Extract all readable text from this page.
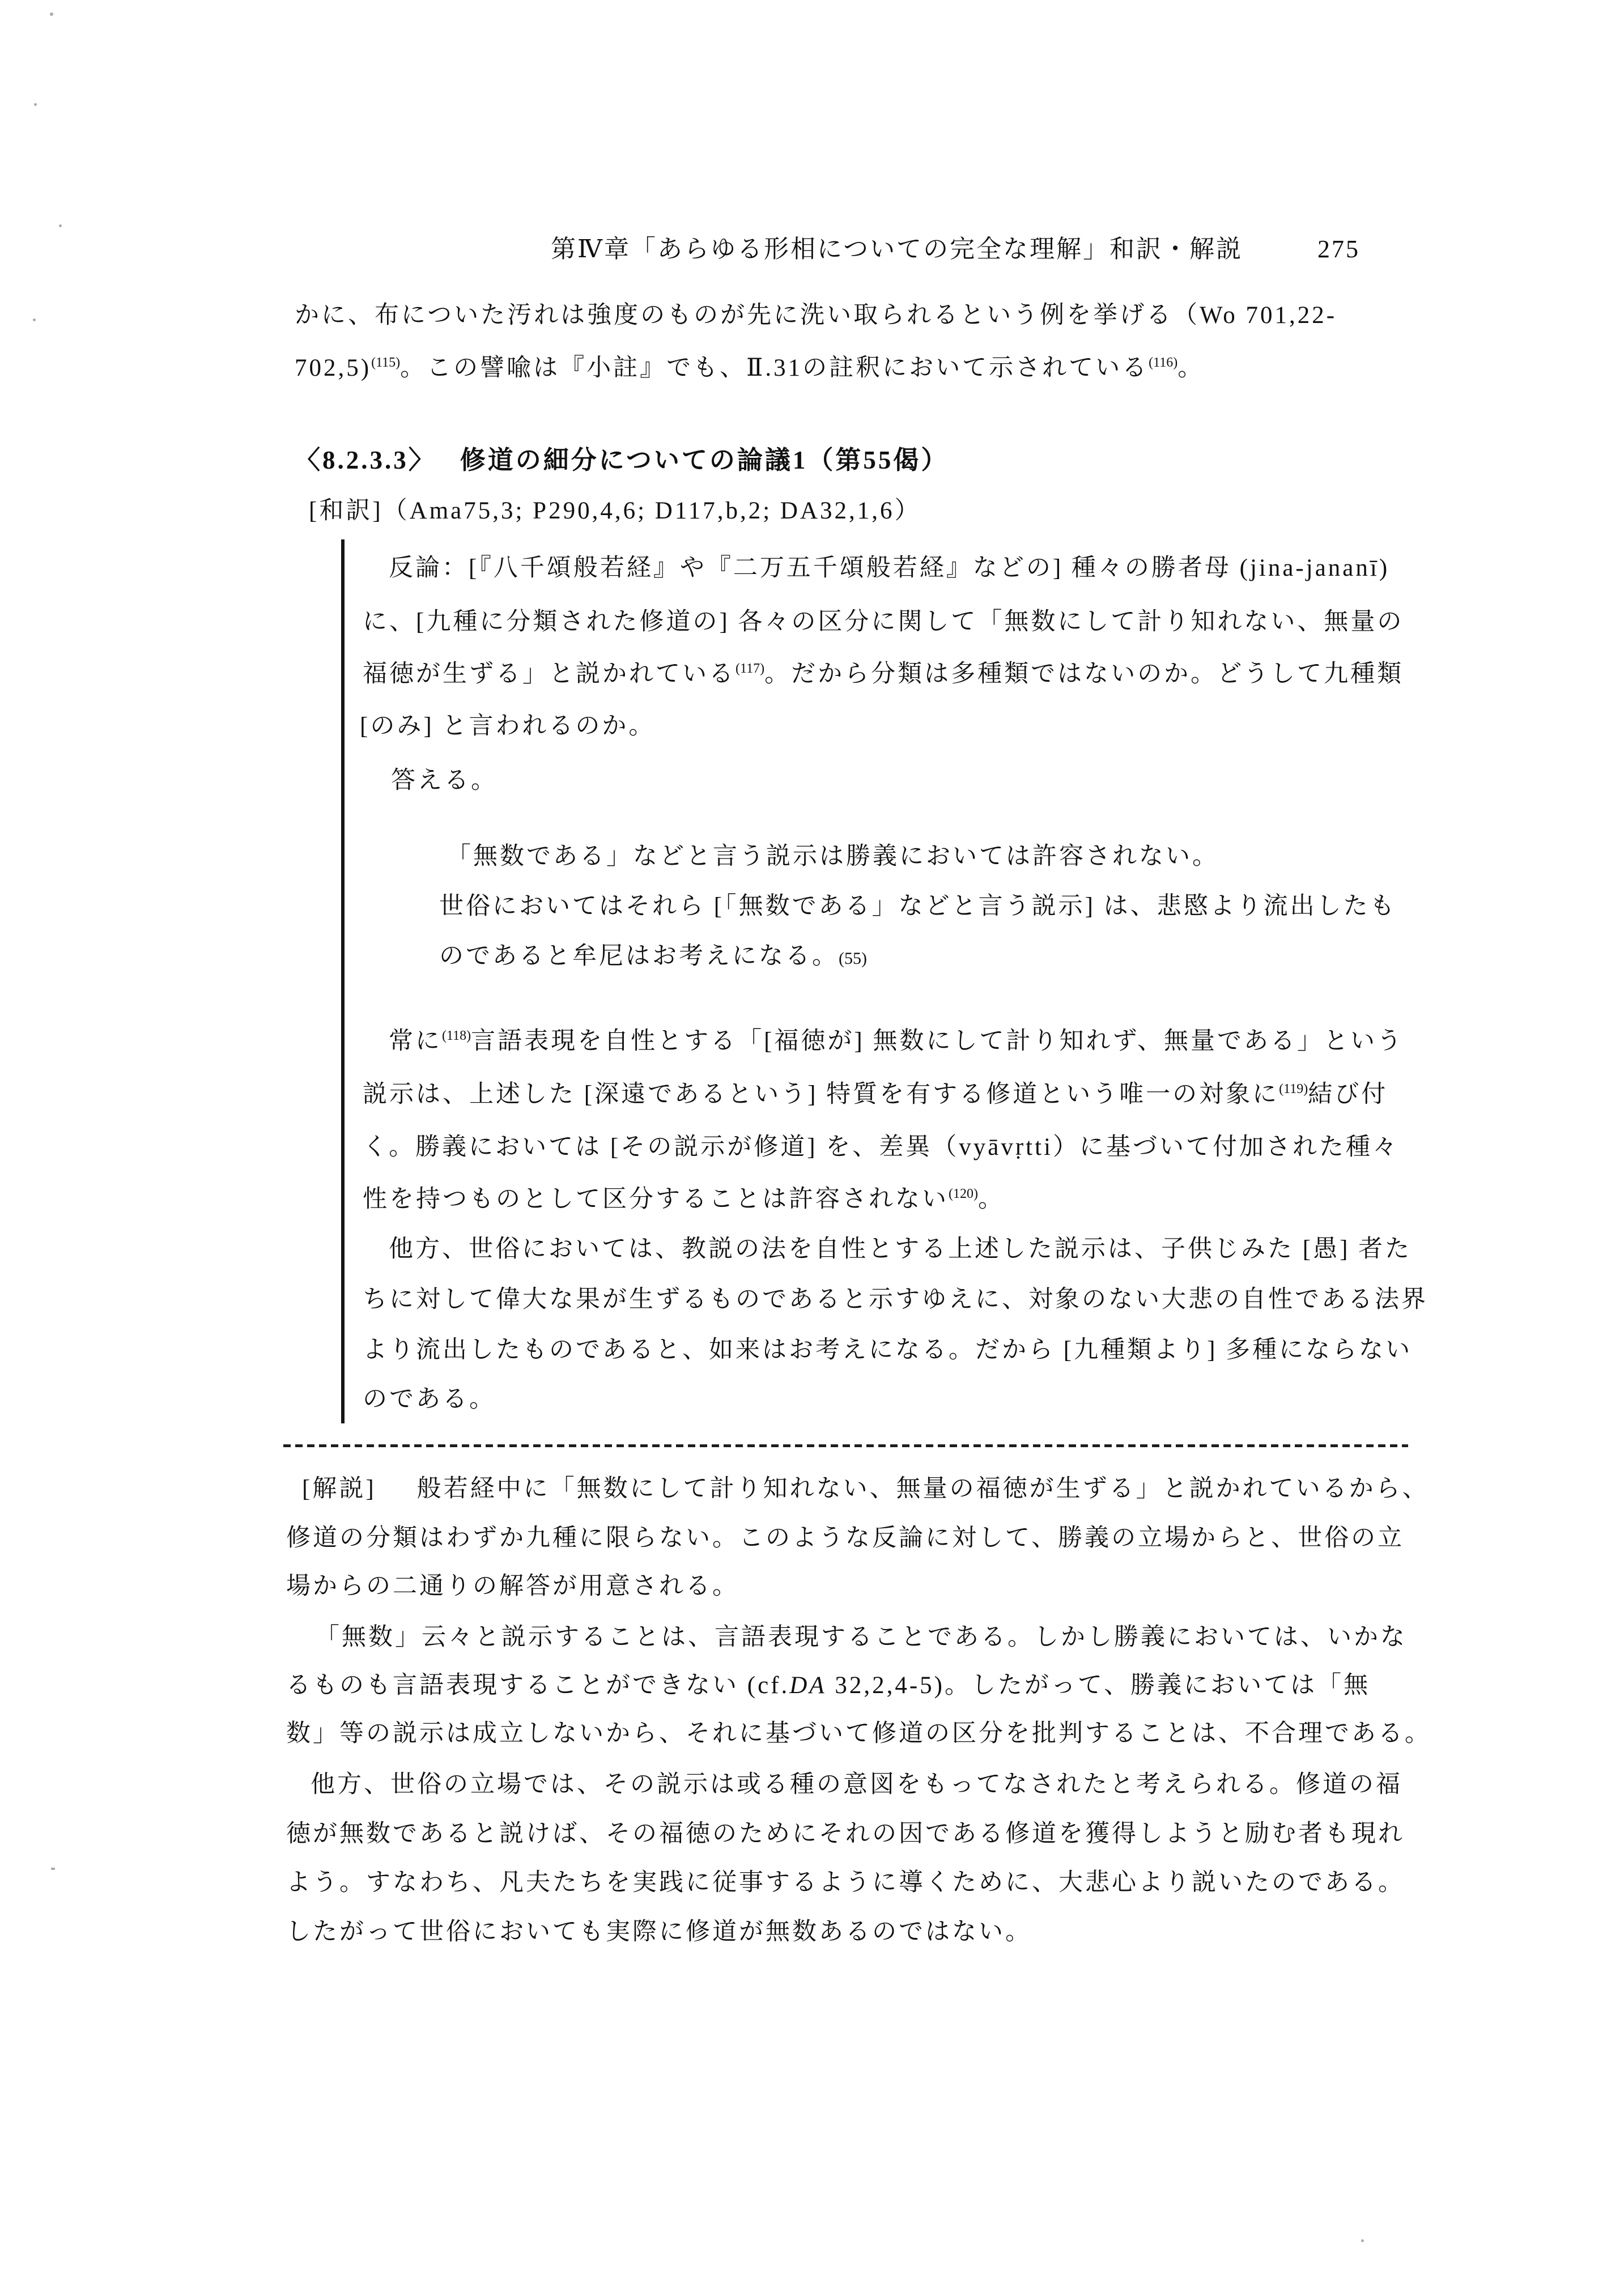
第Ⅳ章「あらゆる形相についての完全な理解」和訳・解説	275
かに、布についた汚れは強度のものが先に洗い取られるという例を挙げる（Wo 701,22-
702,5)$^{(115)}$。この譬喩は『小註』でも、Ⅱ.31の註釈において示されている$^{(116)}$。
〈8.2.3.3〉 修道の細分についての論議1（第55偈）
[和訳]（Ama75,3; P290,4,6; D117,b,2; DA32,1,6）
反論：[『八千頌般若経』や『二万五千頌般若経』などの] 種々の勝者母 (jina-jananī)
に、[九種に分類された修道の] 各々の区分に関して「無数にして計り知れない、無量の
福徳が生ずる」と説かれている$^{(117)}$。だから分類は多種類ではないのか。どうして九種類
[のみ] と言われるのか。
答える。
「無数である」などと言う説示は勝義においては許容されない。
世俗においてはそれら [「無数である」などと言う説示] は、悲愍より流出したも
のであると牟尼はお考えになる。(55)
常に$^{(118)}$言語表現を自性とする「[福徳が] 無数にして計り知れず、無量である」という
説示は、上述した [深遠であるという] 特質を有する修道という唯一の対象に$^{(119)}$結び付
く。勝義においては [その説示が修道] を、差異（vyāvṛtti）に基づいて付加された種々
性を持つものとして区分することは許容されない$^{(120)}$。
他方、世俗においては、教説の法を自性とする上述した説示は、子供じみた [愚] 者た
ちに対して偉大な果が生ずるものであると示すゆえに、対象のない大悲の自性である法界
より流出したものであると、如来はお考えになる。だから [九種類より] 多種にならない
のである。
[解説] 般若経中に「無数にして計り知れない、無量の福徳が生ずる」と説かれているから、
修道の分類はわずか九種に限らない。このような反論に対して、勝義の立場からと、世俗の立
場からの二通りの解答が用意される。
「無数」云々と説示することは、言語表現することである。しかし勝義においては、いかな
るものも言語表現することができない (cf.DA 32,2,4-5)。したがって、勝義においては「無
数」等の説示は成立しないから、それに基づいて修道の区分を批判することは、不合理である。
他方、世俗の立場では、その説示は或る種の意図をもってなされたと考えられる。修道の福
徳が無数であると説けば、その福徳のためにそれの因である修道を獲得しようと励む者も現れ
よう。すなわち、凡夫たちを実践に従事するように導くために、大悲心より説いたのである。
したがって世俗においても実際に修道が無数あるのではない。
